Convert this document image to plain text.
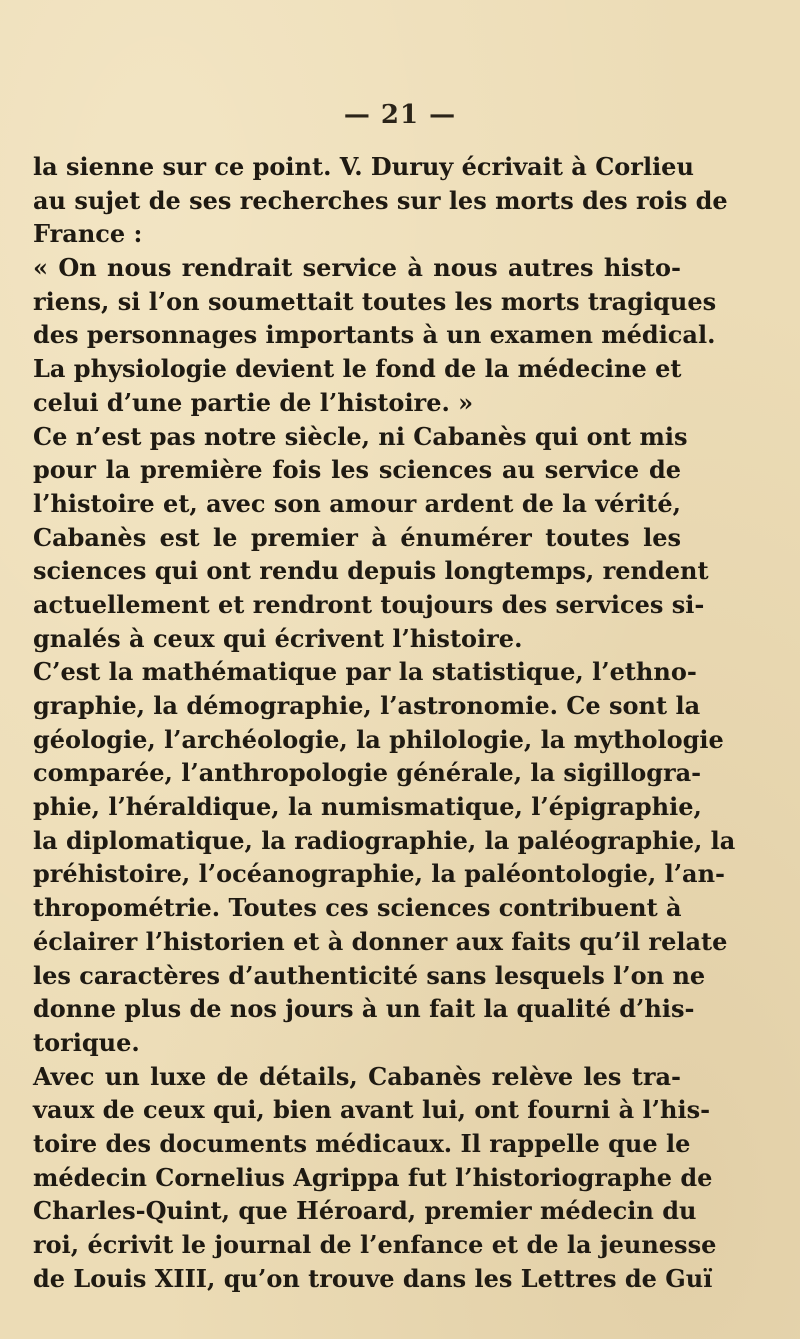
— 21 —
la sienne sur ce point. V. Duruy écrivait à Corlieu
au sujet de ses recherches sur les morts des rois de
France :
« On nous rendrait service à nous autres histo-
riens, si l’on soumettait toutes les morts tragiques
des personnages importants à un examen médical.
La physiologie devient le fond de la médecine et
celui d’une partie de l’histoire. »
Ce n’est pas notre siècle, ni Cabanès qui ont mis
pour la première fois les sciences au service de
l’histoire et, avec son amour ardent de la vérité,
Cabanès est le premier à énumérer toutes les
sciences qui ont rendu depuis longtemps, rendent
actuellement et rendront toujours des services si-
gnalés à ceux qui écrivent l’histoire.
C’est la mathématique par la statistique, l’ethno-
graphie, la démographie, l’astronomie. Ce sont la
géologie, l’archéologie, la philologie, la mythologie
comparée, l’anthropologie générale, la sigillogra-
phie, l’héraldique, la numismatique, l’épigraphie,
la diplomatique, la radiographie, la paléographie, la
préhistoire, l’océanographie, la paléontologie, l’an-
thropométrie. Toutes ces sciences contribuent à
éclairer l’historien et à donner aux faits qu’il relate
les caractères d’authenticité sans lesquels l’on ne
donne plus de nos jours à un fait la qualité d’his-
torique.
Avec un luxe de détails, Cabanès relève les tra-
vaux de ceux qui, bien avant lui, ont fourni à l’his-
toire des documents médicaux. Il rappelle que le
médecin Cornelius Agrippa fut l’historiographe de
Charles-Quint, que Héroard, premier médecin du
roi, écrivit le journal de l’enfance et de la jeunesse
de Louis XIII, qu’on trouve dans les Lettres de Guï
